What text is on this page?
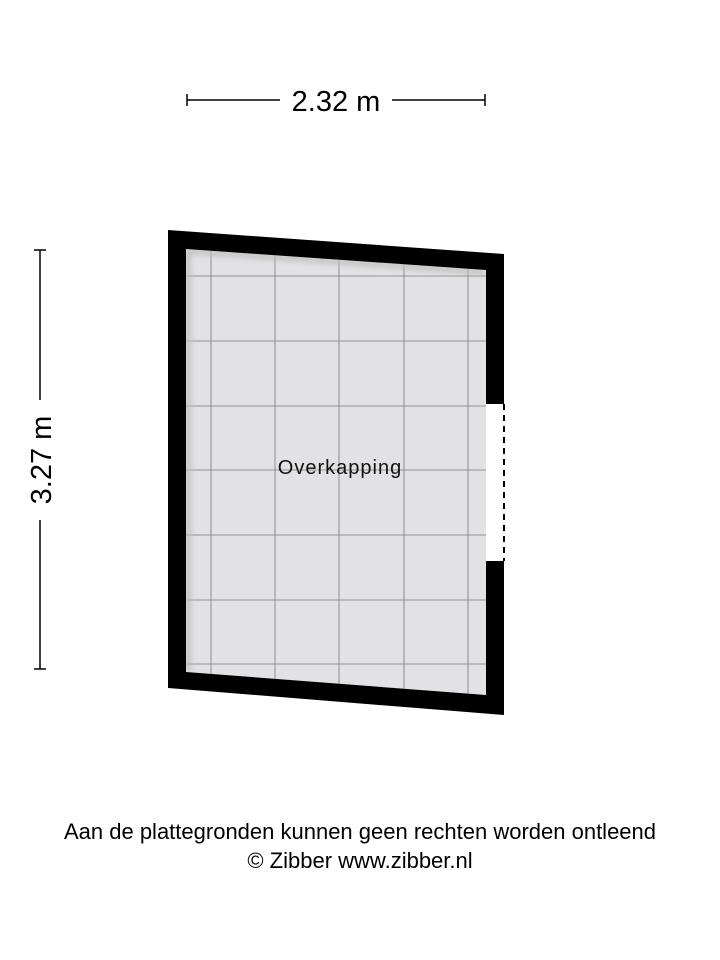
2.32 m
3.27 m	Overkapping
Aan de plattegronden kunnen geen rechten worden ontleend
© Zibber www.zibber.nl
